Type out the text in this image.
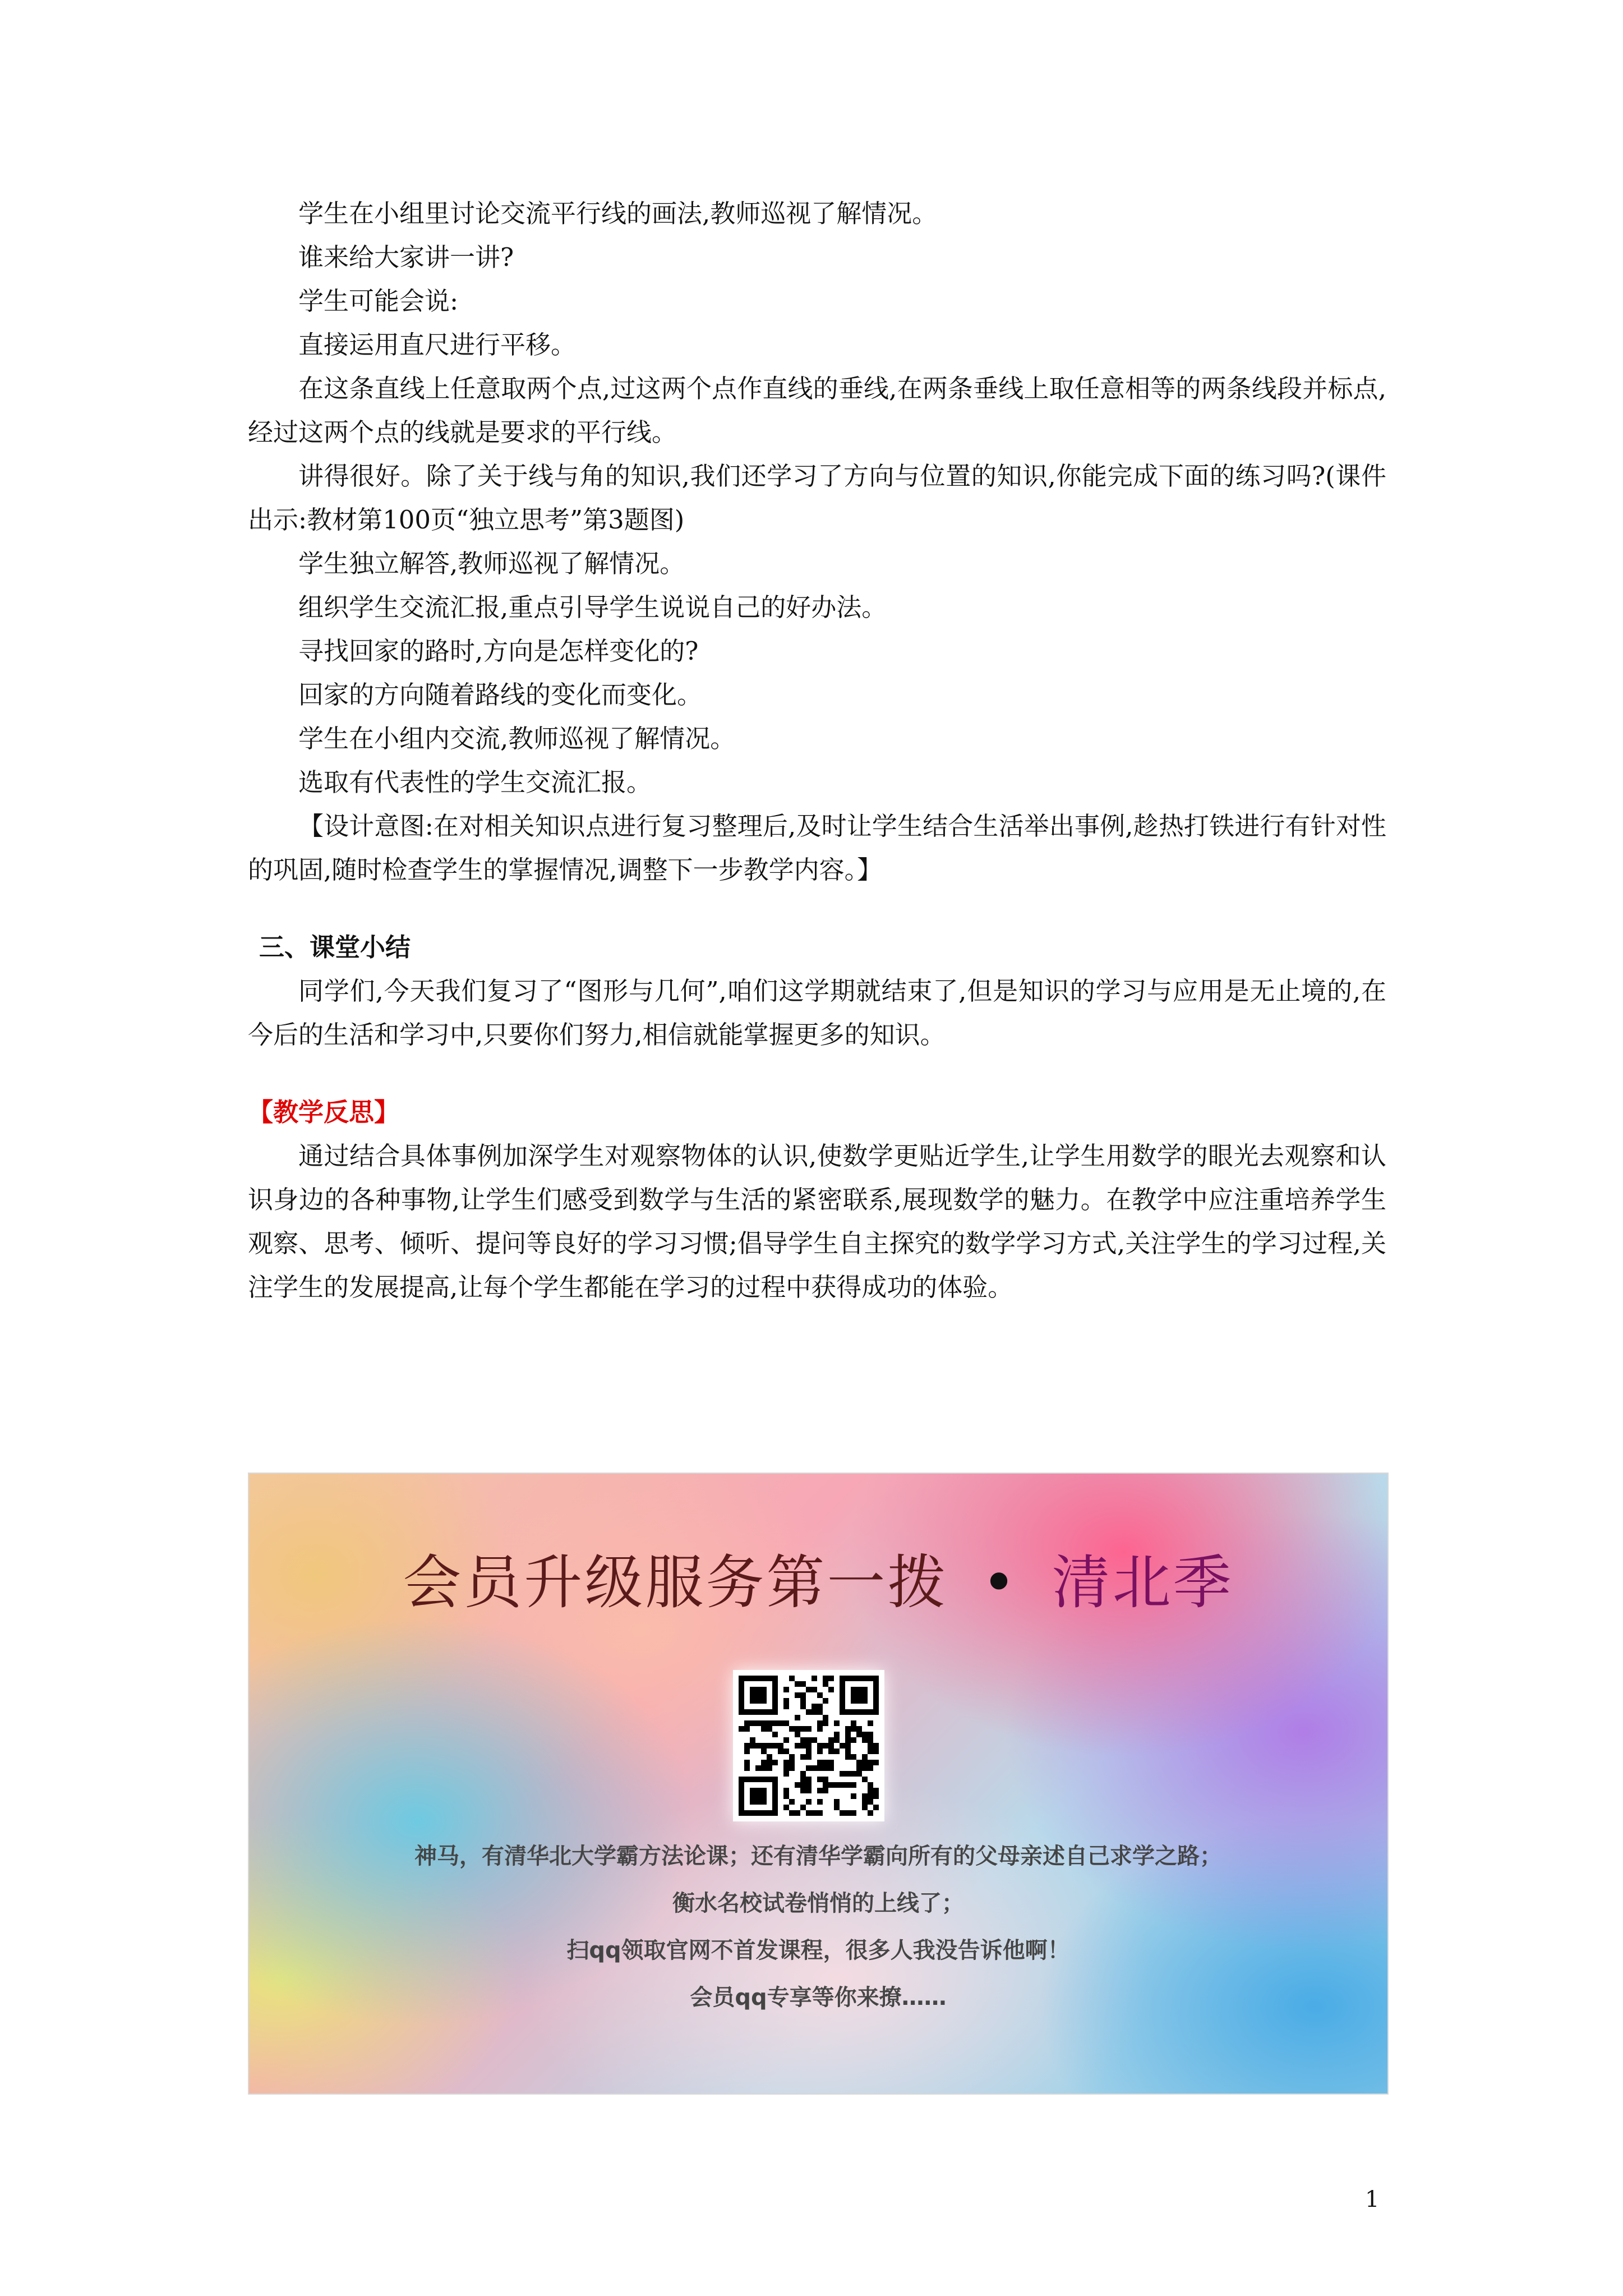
学生在小组里讨论交流平行线的画法,教师巡视了解情况。

谁来给大家讲一讲?

学生可能会说:

直接运用直尺进行平移。

在这条直线上任意取两个点,过这两个点作直线的垂线,在两条垂线上取任意相等的两条线段并标点,经过这两个点的线就是要求的平行线。

讲得很好。除了关于线与角的知识,我们还学习了方向与位置的知识,你能完成下面的练习吗?(课件出示:教材第100页“独立思考”第3题图)

学生独立解答,教师巡视了解情况。

组织学生交流汇报,重点引导学生说说自己的好办法。

寻找回家的路时,方向是怎样变化的?

回家的方向随着路线的变化而变化。

学生在小组内交流,教师巡视了解情况。

选取有代表性的学生交流汇报。

【设计意图:在对相关知识点进行复习整理后,及时让学生结合生活举出事例,趁热打铁进行有针对性的巩固,随时检查学生的掌握情况,调整下一步教学内容。】

三、课堂小结

同学们,今天我们复习了“图形与几何”,咱们这学期就结束了,但是知识的学习与应用是无止境的,在今后的生活和学习中,只要你们努力,相信就能掌握更多的知识。

【教学反思】

通过结合具体事例加深学生对观察物体的认识,使数学更贴近学生,让学生用数学的眼光去观察和认识身边的各种事物,让学生们感受到数学与生活的紧密联系,展现数学的魅力。在教学中应注重培养学生观察、思考、倾听、提问等良好的学习习惯;倡导学生自主探究的数学学习方式,关注学生的学习过程,关注学生的发展提高,让每个学生都能在学习的过程中获得成功的体验。

会员升级服务第一拨 • 清北季
神马，有清华北大学霸方法论课；还有清华学霸向所有的父母亲述自己求学之路；
衡水名校试卷悄悄的上线了；
扫qq领取官网不首发课程，很多人我没告诉他啊！
会员qq专享等你来撩……
1
